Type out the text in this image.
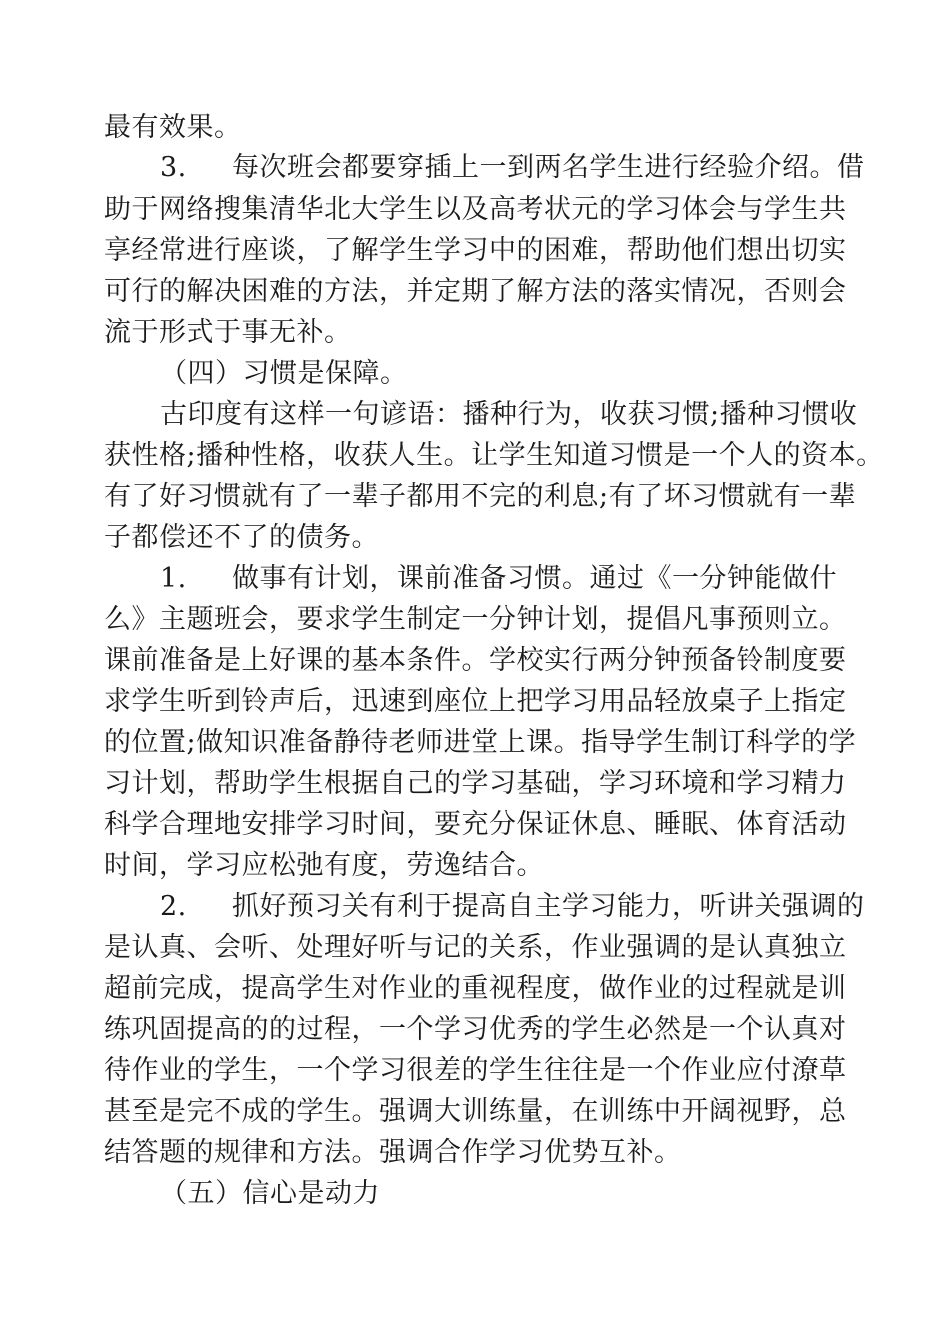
最有效果。

3. 每次班会都要穿插上一到两名学生进行经验介绍。借

助于网络搜集清华北大学生以及高考状元的学习体会与学生共

享经常进行座谈，了解学生学习中的困难，帮助他们想出切实

可行的解决困难的方法，并定期了解方法的落实情况，否则会

流于形式于事无补。

（四）习惯是保障。

古印度有这样一句谚语：播种行为，收获习惯;播种习惯收

获性格;播种性格，收获人生。让学生知道习惯是一个人的资本。

有了好习惯就有了一辈子都用不完的利息;有了坏习惯就有一辈

子都偿还不了的债务。

1. 做事有计划，课前准备习惯。通过《一分钟能做什

么》主题班会，要求学生制定一分钟计划，提倡凡事预则立。

课前准备是上好课的基本条件。学校实行两分钟预备铃制度要

求学生听到铃声后，迅速到座位上把学习用品轻放桌子上指定

的位置;做知识准备静待老师进堂上课。指导学生制订科学的学

习计划，帮助学生根据自己的学习基础，学习环境和学习精力

科学合理地安排学习时间，要充分保证休息、睡眠、体育活动

时间，学习应松弛有度，劳逸结合。

2. 抓好预习关有利于提高自主学习能力，听讲关强调的

是认真、会听、处理好听与记的关系，作业强调的是认真独立

超前完成，提高学生对作业的重视程度，做作业的过程就是训

练巩固提高的的过程，一个学习优秀的学生必然是一个认真对

待作业的学生，一个学习很差的学生往往是一个作业应付潦草

甚至是完不成的学生。强调大训练量，在训练中开阔视野，总

结答题的规律和方法。强调合作学习优势互补。

（五）信心是动力
